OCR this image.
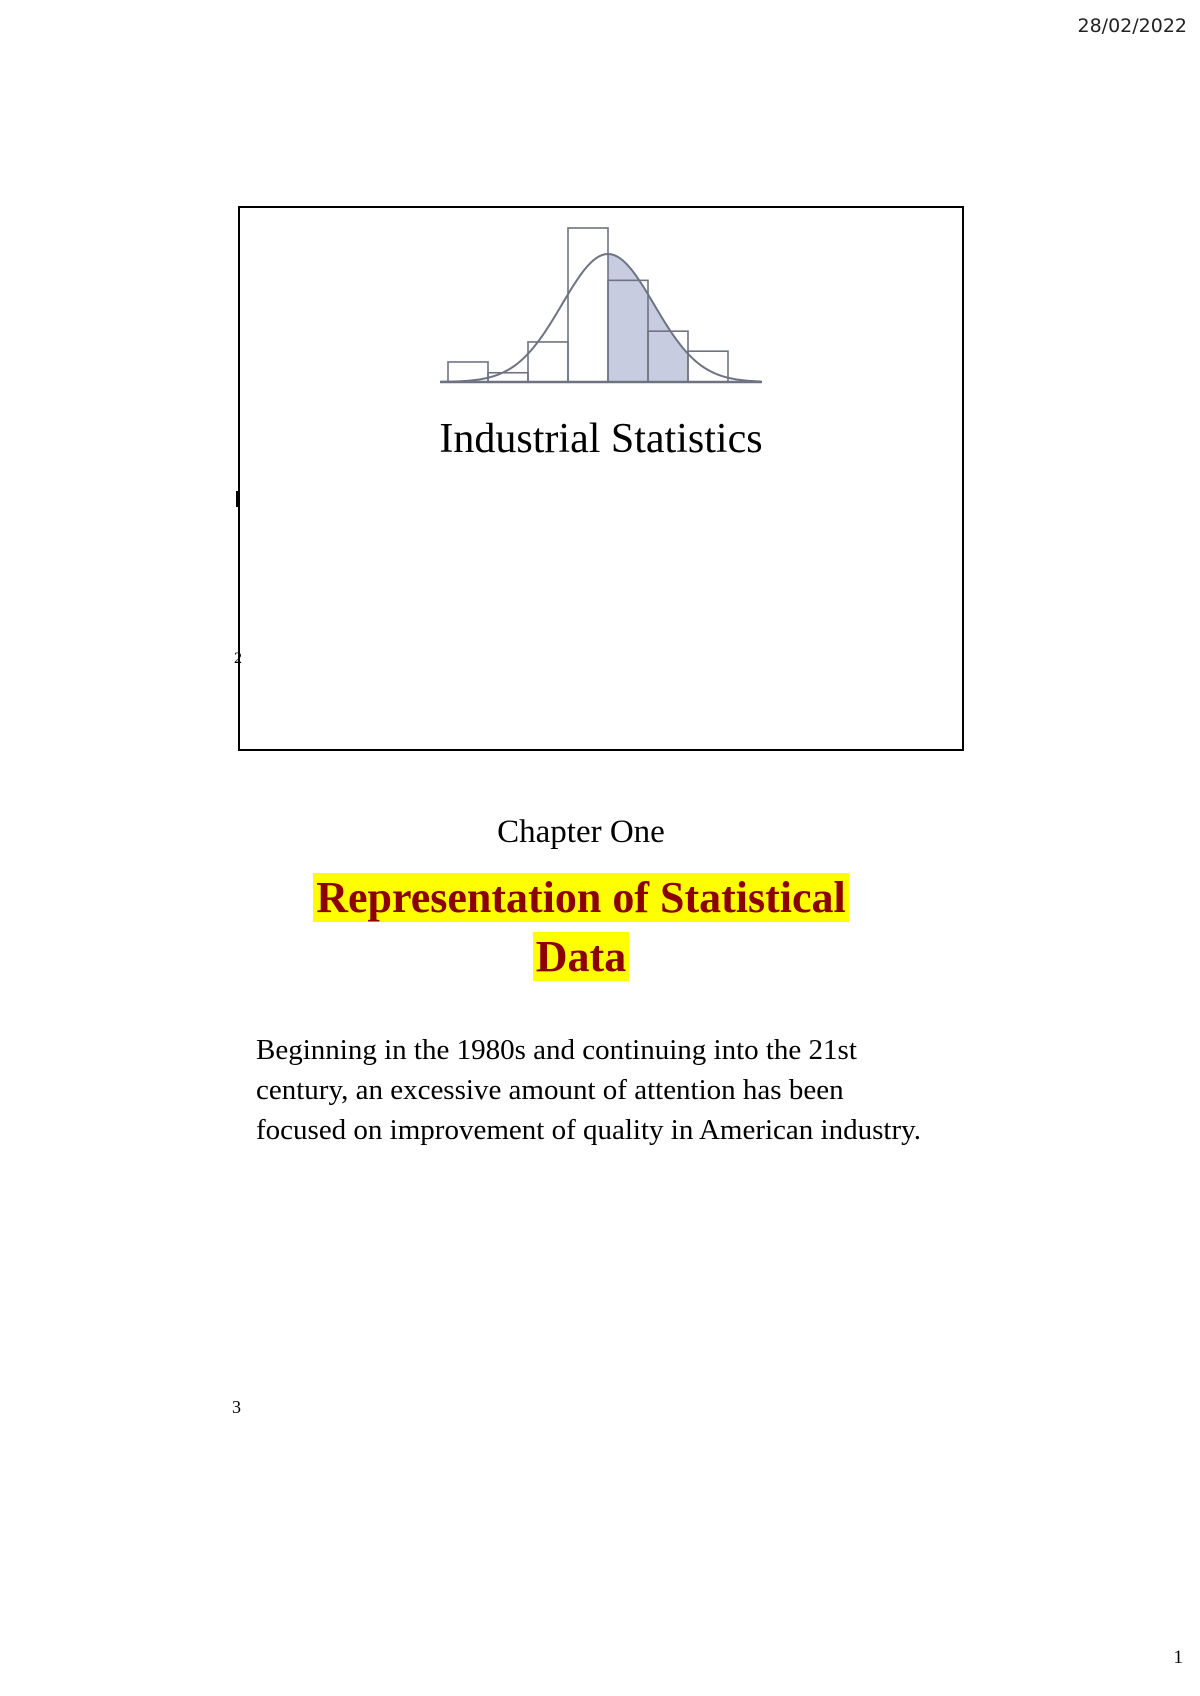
28/02/2022
Industrial Statistics
2
Chapter One
Representation of Statistical
Data
Beginning in the 1980s and continuing into the 21st century, an excessive amount of attention has been focused on improvement of quality in American industry.
3
1
